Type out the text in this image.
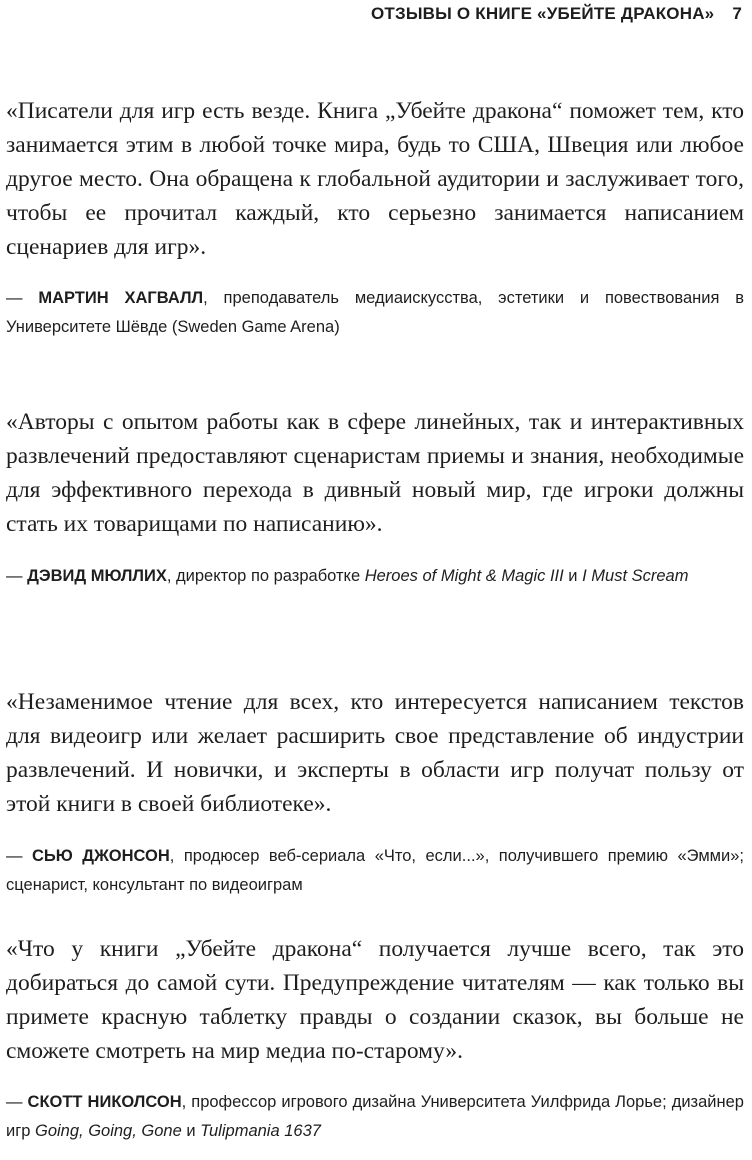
ОТЗЫВЫ О КНИГЕ «УБЕЙТЕ ДРАКОНА» 7

«Писатели для игр есть везде. Книга „Убейте дракона“ поможет тем, кто занимается этим в любой точке мира, будь то США, Швеция или любое другое место. Она обращена к глобальной аудитории и заслуживает того, чтобы ее прочитал каждый, кто серьезно занимается написанием сценариев для игр».

— МАРТИН ХАГВАЛЛ, преподаватель медиаискусства, эстетики и повествования в Университете Шёвде (Sweden Game Arena)

«Авторы с опытом работы как в сфере линейных, так и интерактивных развлечений предоставляют сценаристам приемы и знания, необходимые для эффективного перехода в дивный новый мир, где игроки должны стать их товарищами по написанию».

— ДЭВИД МЮЛЛИХ, директор по разработке Heroes of Might & Magic III и I Must Scream

«Незаменимое чтение для всех, кто интересуется написанием текстов для видеоигр или желает расширить свое представление об индустрии развлечений. И новички, и эксперты в области игр получат пользу от этой книги в своей библиотеке».

— СЬЮ ДЖОНСОН, продюсер веб-сериала «Что, если...», получившего премию «Эмми»; сценарист, консультант по видеоиграм

«Что у книги „Убейте дракона“ получается лучше всего, так это добираться до самой сути. Предупреждение читателям — как только вы примете красную таблетку правды о создании сказок, вы больше не сможете смотреть на мир медиа по-старому».

— СКОТТ НИКОЛСОН, профессор игрового дизайна Университета Уилфрида Лорье; дизайнер игр Going, Going, Gone и Tulipmania 1637
